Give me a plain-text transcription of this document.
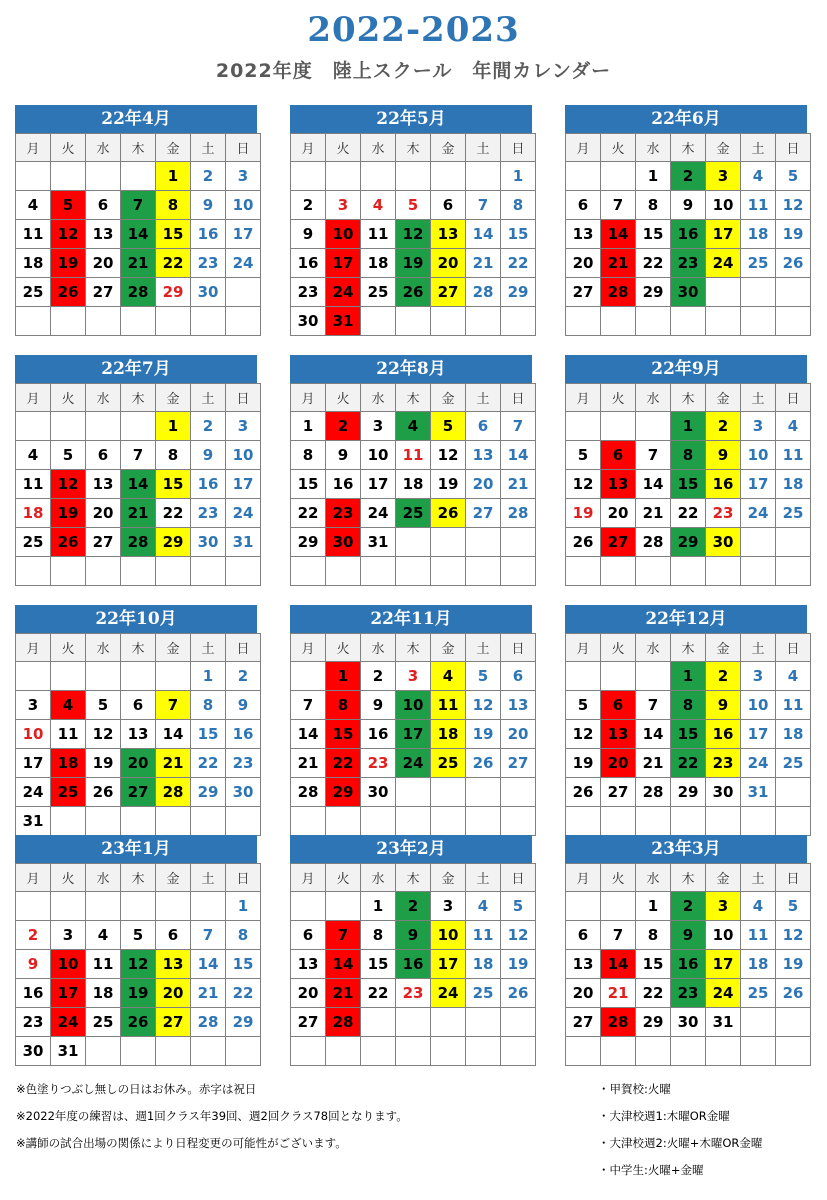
2022-2023
2022年度　陸上スクール　年間カレンダー
22年4月
月	火	水	木	金	土	日
				1	2	3
4	5	6	7	8	9	10
11	12	13	14	15	16	17
18	19	20	21	22	23	24
25	26	27	28	29	30	

22年5月
月	火	水	木	金	土	日
						1
2	3	4	5	6	7	8
9	10	11	12	13	14	15
16	17	18	19	20	21	22
23	24	25	26	27	28	29
30	31					
22年6月
月	火	水	木	金	土	日
		1	2	3	4	5
6	7	8	9	10	11	12
13	14	15	16	17	18	19
20	21	22	23	24	25	26
27	28	29	30			

22年7月
月	火	水	木	金	土	日
				1	2	3
4	5	6	7	8	9	10
11	12	13	14	15	16	17
18	19	20	21	22	23	24
25	26	27	28	29	30	31

22年8月
月	火	水	木	金	土	日
1	2	3	4	5	6	7
8	9	10	11	12	13	14
15	16	17	18	19	20	21
22	23	24	25	26	27	28
29	30	31				

22年9月
月	火	水	木	金	土	日
			1	2	3	4
5	6	7	8	9	10	11
12	13	14	15	16	17	18
19	20	21	22	23	24	25
26	27	28	29	30		

22年10月
月	火	水	木	金	土	日
					1	2
3	4	5	6	7	8	9
10	11	12	13	14	15	16
17	18	19	20	21	22	23
24	25	26	27	28	29	30
31						
22年11月
月	火	水	木	金	土	日
	1	2	3	4	5	6
7	8	9	10	11	12	13
14	15	16	17	18	19	20
21	22	23	24	25	26	27
28	29	30				

22年12月
月	火	水	木	金	土	日
			1	2	3	4
5	6	7	8	9	10	11
12	13	14	15	16	17	18
19	20	21	22	23	24	25
26	27	28	29	30	31	

23年1月
月	火	水	木	金	土	日
						1
2	3	4	5	6	7	8
9	10	11	12	13	14	15
16	17	18	19	20	21	22
23	24	25	26	27	28	29
30	31					
23年2月
月	火	水	木	金	土	日
		1	2	3	4	5
6	7	8	9	10	11	12
13	14	15	16	17	18	19
20	21	22	23	24	25	26
27	28					

23年3月
月	火	水	木	金	土	日
		1	2	3	4	5
6	7	8	9	10	11	12
13	14	15	16	17	18	19
20	21	22	23	24	25	26
27	28	29	30	31		

※色塗りつぶし無しの日はお休み。赤字は祝日
※2022年度の練習は、週1回クラス年39回、週2回クラス78回となります。
※講師の試合出場の関係により日程変更の可能性がございます。
・甲賀校:火曜
・大津校週1:木曜OR金曜
・大津校週2:火曜+木曜OR金曜
・中学生:火曜+金曜
